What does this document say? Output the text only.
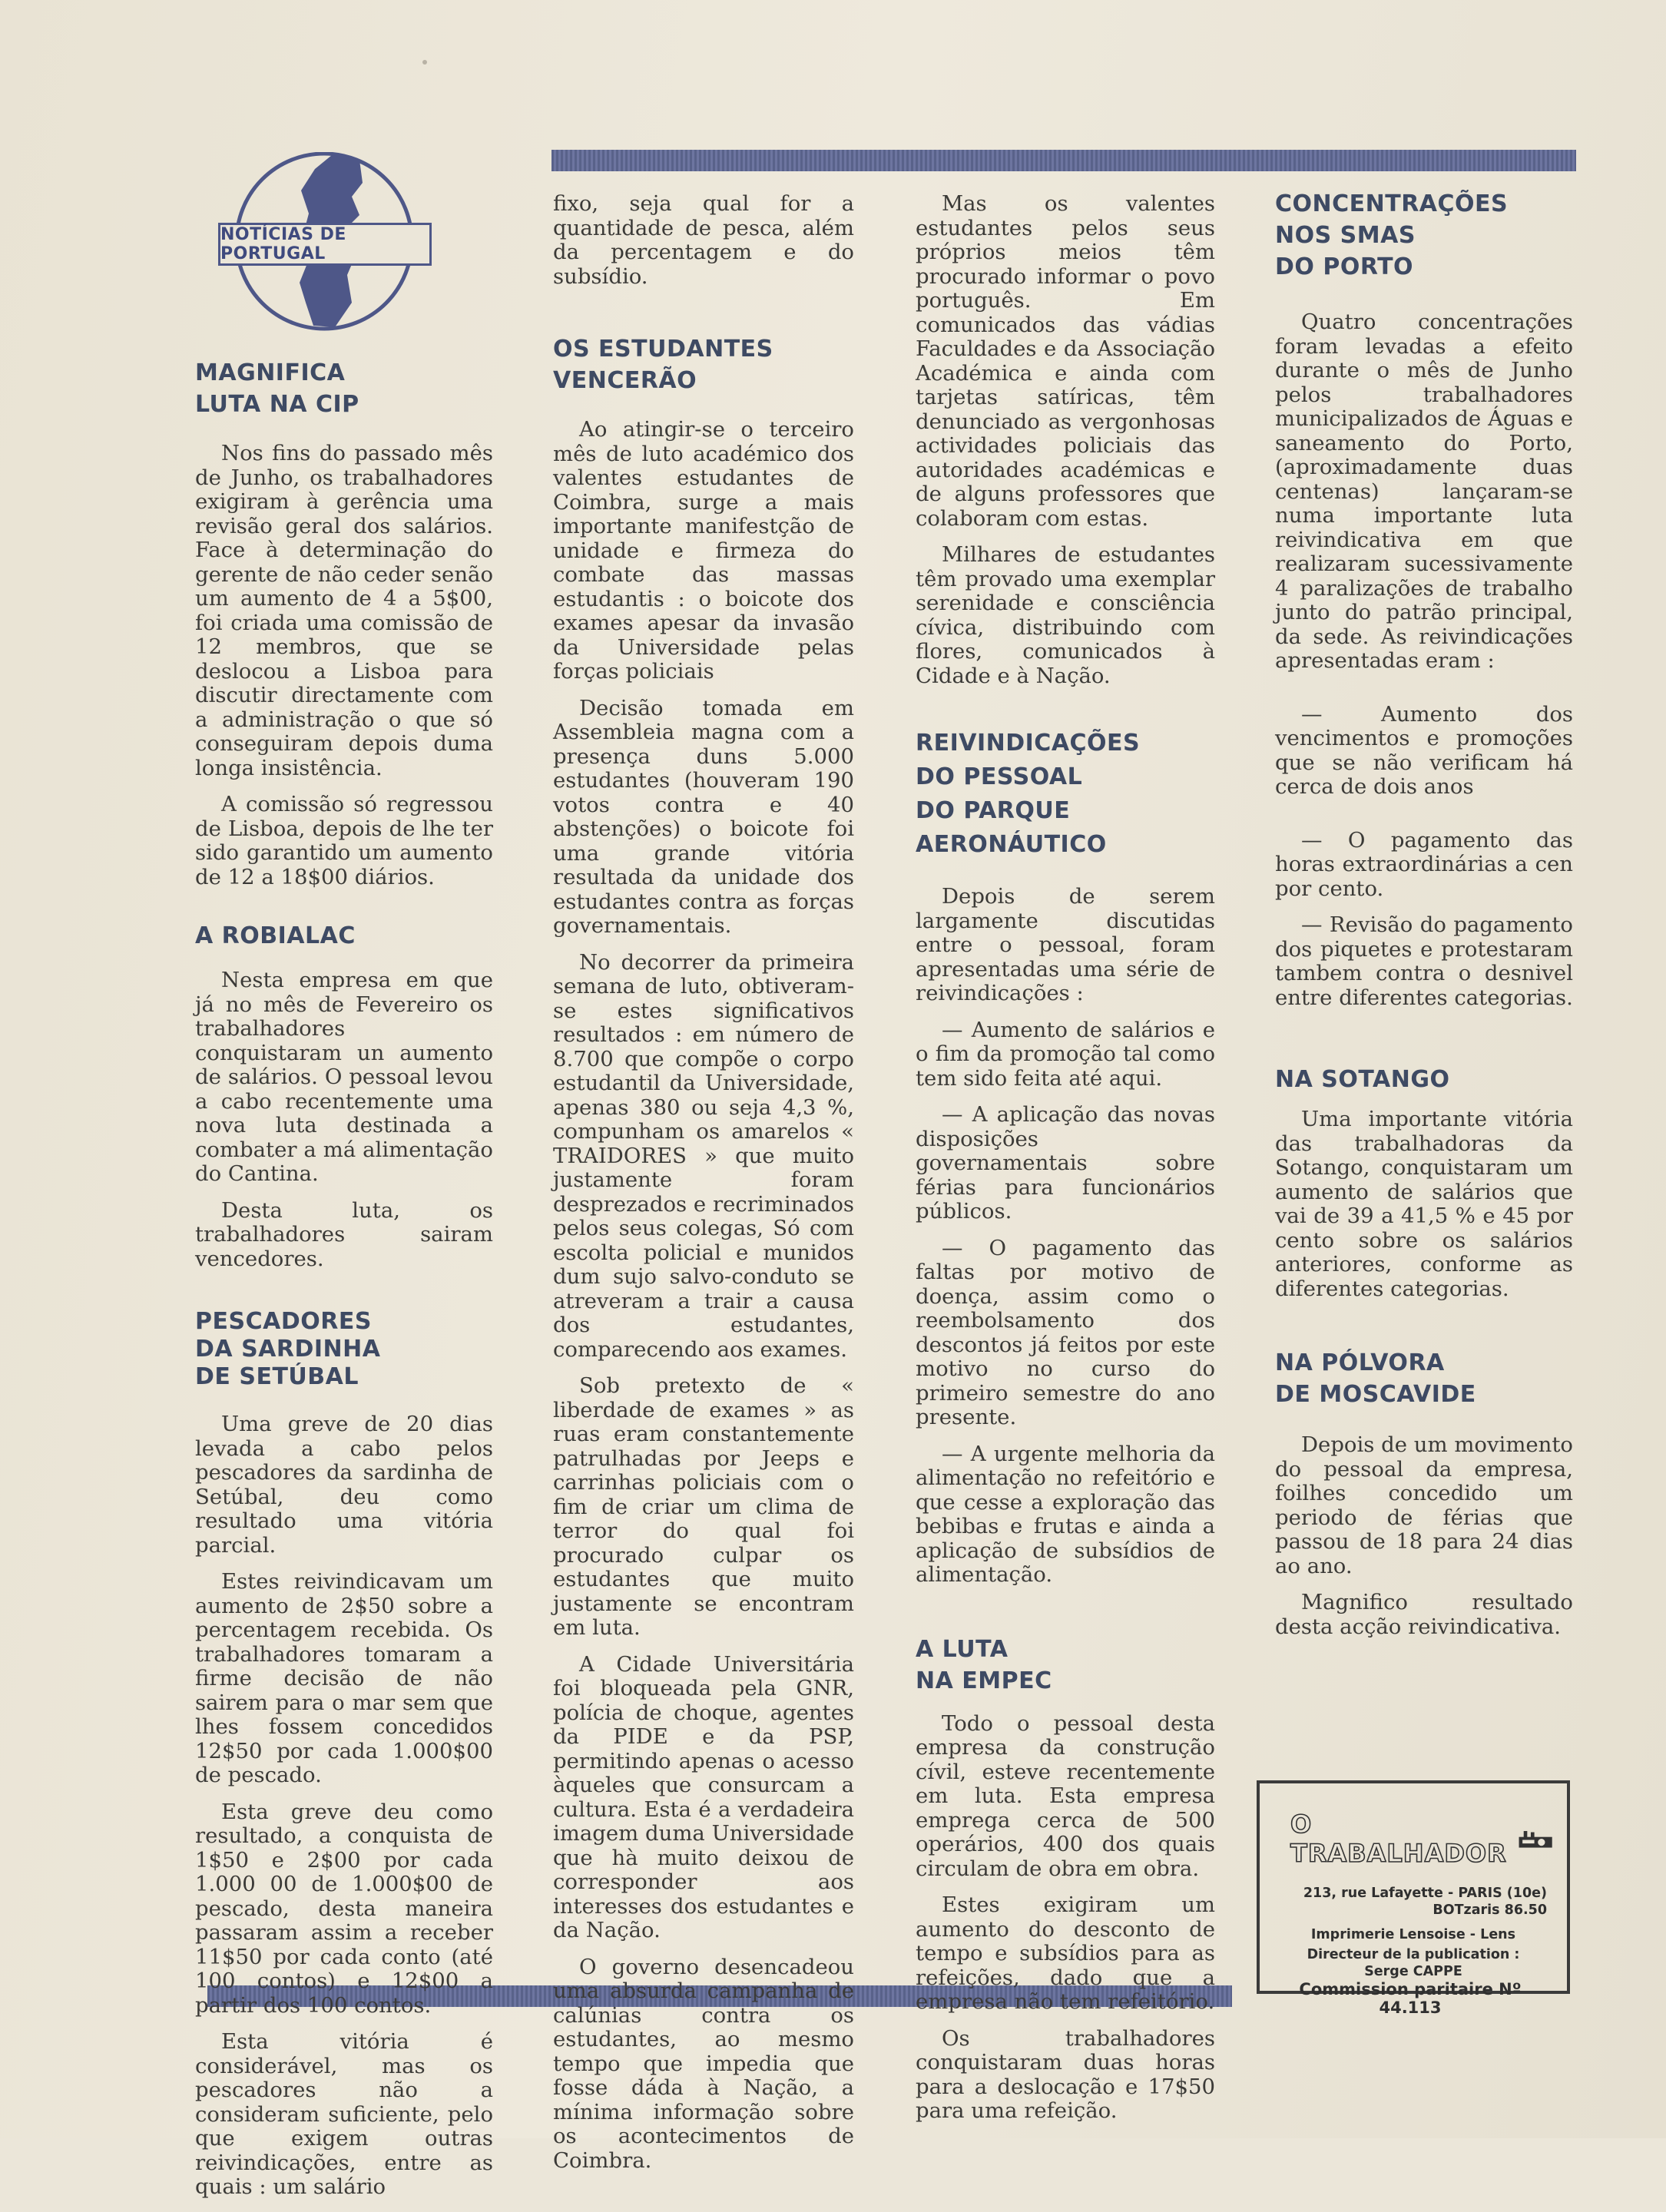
NOTÍCIAS DE PORTUGAL
MAGNIFICA
LUTA NA CIP

Nos fins do passado mês de Junho, os trabalhadores exigiram à gerência uma revisão geral dos salários. Face à determinação do gerente de não ceder senão um aumento de 4 a 5$00, foi criada uma comissão de 12 membros, que se deslocou a Lisboa para discutir directamente com a administração o que só conseguiram depois duma longa insistência.

A comissão só regressou de Lisboa, depois de lhe ter sido garantido um aumento de 12 a 18$00 diários.

A ROBIALAC

Nesta empresa em que já no mês de Fevereiro os trabalhadores conquistaram un aumento de salários. O pessoal levou a cabo recentemente uma nova luta destinada a combater a má alimentação do Cantina.

Desta luta, os trabalhadores sairam vencedores.

PESCADORES
DA SARDINHA
DE SETÚBAL

Uma greve de 20 dias levada a cabo pelos pescadores da sardinha de Setúbal, deu como resultado uma vitória parcial.

Estes reivindicavam um aumento de 2$50 sobre a percentagem recebida. Os trabalhadores tomaram a firme decisão de não sairem para o mar sem que lhes fossem concedidos 12$50 por cada 1.000$00 de pescado.

Esta greve deu como resultado, a conquista de 1$50 e 2$00 por cada 1.000 00 de 1.000$00 de pescado, desta maneira passaram assim a receber 11$50 por cada conto (até 100 contos) e 12$00 a partir dos 100 contos.

Esta vitória é considerável, mas os pescadores não a consideram suficiente, pelo que exigem outras reivindicações, entre as quais : um salário

fixo, seja qual for a quantidade de pesca, além da percentagem e do subsídio.

OS ESTUDANTES
VENCERÃO

Ao atingir-se o terceiro mês de luto académico dos valentes estudantes de Coimbra, surge a mais importante manifestção de unidade e firmeza do combate das massas estudantis : o boicote dos exames apesar da invasão da Universidade pelas forças policiais

Decisão tomada em Assembleia magna com a presença duns 5.000 estudantes (houveram 190 votos contra e 40 abstenções) o boicote foi uma grande vitória resultada da unidade dos estudantes contra as forças governamentais.

No decorrer da primeira semana de luto, obtiveram-se estes significativos resultados : em número de 8.700 que compõe o corpo estudantil da Universidade, apenas 380 ou seja 4,3 %, compunham os amarelos « TRAIDORES » que muito justamente foram desprezados e recriminados pelos seus colegas, Só com escolta policial e munidos dum sujo salvo-conduto se atreveram a trair a causa dos estudantes, comparecendo aos exames.

Sob pretexto de « liberdade de exames » as ruas eram constantemente patrulhadas por Jeeps e carrinhas policiais com o fim de criar um clima de terror do qual foi procurado culpar os estudantes que muito justamente se encontram em luta.

A Cidade Universitária foi bloqueada pela GNR, polícia de choque, agentes da PIDE e da PSP, permitindo apenas o acesso àqueles que consurcam a cultura. Esta é a verdadeira imagem duma Universidade que hà muito deixou de corresponder aos interesses dos estudantes e da Nação.

O governo desencadeou uma absurda campanha de calúnias contra os estudantes, ao mesmo tempo que impedia que fosse dáda à Nação, a mínima informação sobre os acontecimentos de Coimbra.

Mas os valentes estudantes pelos seus próprios meios têm procurado informar o povo português. Em comunicados das vádias Faculdades e da Associação Académica e ainda com tarjetas satíricas, têm denunciado as vergonhosas actividades policiais das autoridades académicas e de alguns professores que colaboram com estas.

Milhares de estudantes têm provado uma exemplar serenidade e consciência cívica, distribuindo com flores, comunicados à Cidade e à Nação.

REIVINDICAÇÕES
DO PESSOAL
DO PARQUE
AERONÁUTICO

Depois de serem largamente discutidas entre o pessoal, foram apresentadas uma série de reivindicações :

— Aumento de salários e o fim da promoção tal como tem sido feita até aqui.

— A aplicação das novas disposições governamentais sobre férias para funcionários públicos.

— O pagamento das faltas por motivo de doença, assim como o reembolsamento dos descontos já feitos por este motivo no curso do primeiro semestre do ano presente.

— A urgente melhoria da alimentação no refeitório e que cesse a exploração das bebibas e frutas e ainda a aplicação de subsídios de alimentação.

A LUTA
NA EMPEC

Todo o pessoal desta empresa da construção cívil, esteve recentemente em luta. Esta empresa emprega cerca de 500 operários, 400 dos quais circulam de obra em obra.

Estes exigiram um aumento do desconto de tempo e subsídios para as refeições, dado que a empresa não tem refeitório.

Os trabalhadores conquistaram duas horas para a deslocação e 17$50 para uma refeição.

CONCENTRAÇÕES
NOS SMAS
DO PORTO

Quatro concentrações foram levadas a efeito durante o mês de Junho pelos trabalhadores municipalizados de Águas e saneamento do Porto, (aproximadamente duas centenas) lançaram-se numa importante luta reivindicativa em que realizaram sucessivamente 4 paralizações de trabalho junto do patrão principal, da sede. As reivindicações apresentadas eram :

— Aumento dos vencimentos e promoções que se não verificam há cerca de dois anos

— O pagamento das horas extraordinárias a cen por cento.

— Revisão do pagamento dos piquetes e protestaram tambem contra o desnivel entre diferentes categorias.

NA SOTANGO

Uma importante vitória das trabalhadoras da Sotango, conquistaram um aumento de salários que vai de 39 a 41,5 % e 45 por cento sobre os salários anteriores, conforme as diferentes categorias.

NA PÓLVORA
DE MOSCAVIDE

Depois de um movimento do pessoal da empresa, foilhes concedido um periodo de férias que passou de 18 para 24 dias ao ano.

Magnifico resultado desta acção reivindicativa.

O TRABALHADOR
213, rue Lafayette - PARIS (10e)
BOTzaris 86.50
Imprimerie Lensoise - Lens
Directeur de la publication :
Serge CAPPE
Commission paritaire Nº 44.113
